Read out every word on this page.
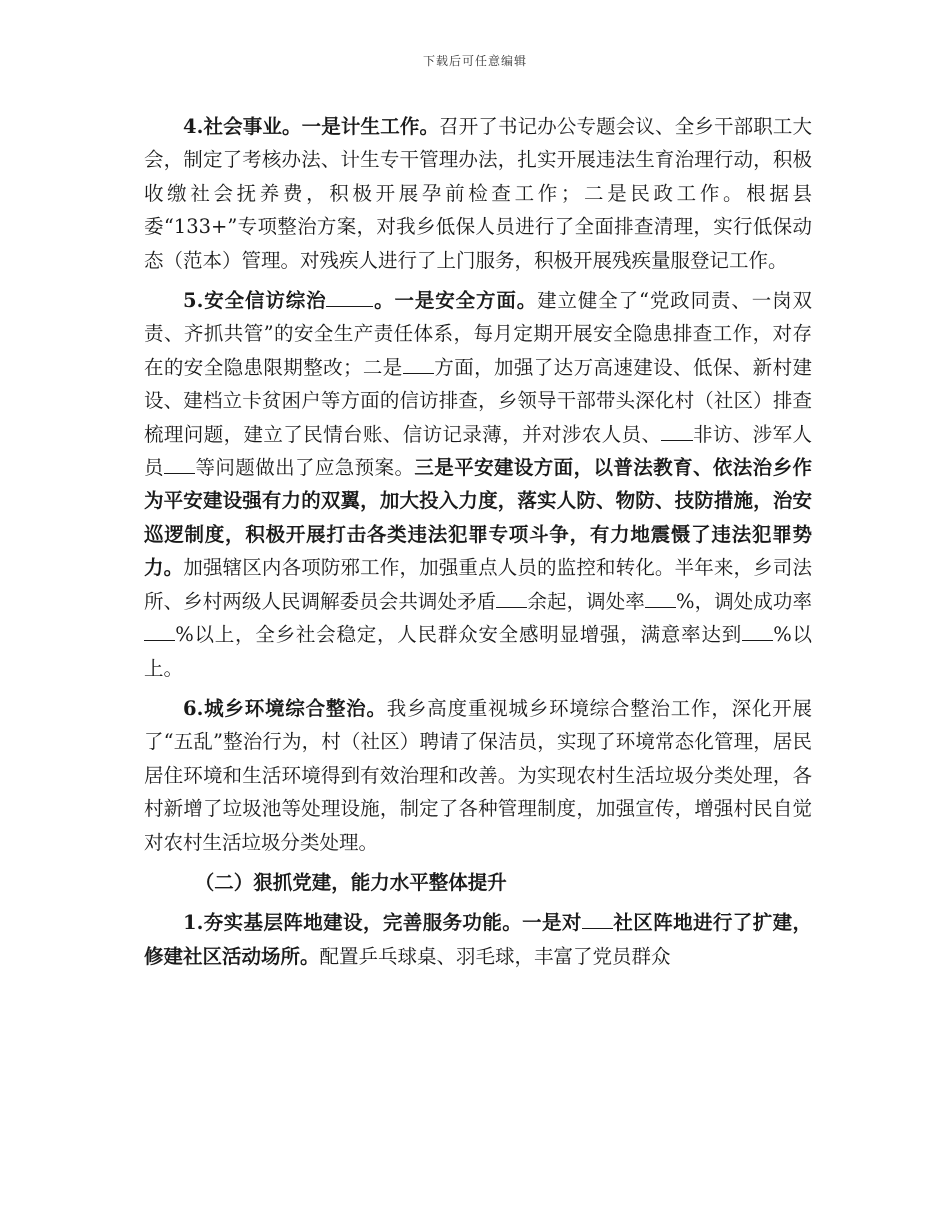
下载后可任意编辑

4.社会事业。一是计生工作。召开了书记办公专题会议、全乡干部职工大会，制定了考核办法、计生专干管理办法，扎实开展违法生育治理行动，积极收缴社会抚养费，积极开展孕前检查工作；二是民政工作。根据县委“133+”专项整治方案，对我乡低保人员进行了全面排查清理，实行低保动态（范本）管理。对残疾人进行了上门服务，积极开展残疾量服登记工作。

5.安全信访综治 。一是安全方面。建立健全了“党政同责、一岗双责、齐抓共管”的安全生产责任体系，每月定期开展安全隐患排查工作，对存在的安全隐患限期整改；二是 方面，加强了达万高速建设、低保、新村建设、建档立卡贫困户等方面的信访排查，乡领导干部带头深化村（社区）排查梳理问题，建立了民情台账、信访记录薄，并对涉农人员、 非访、涉军人员 等问题做出了应急预案。三是平安建设方面，以普法教育、依法治乡作为平安建设强有力的双翼，加大投入力度，落实人防、物防、技防措施，治安巡逻制度，积极开展打击各类违法犯罪专项斗争，有力地震慑了违法犯罪势力。加强辖区内各项防邪工作，加强重点人员的监控和转化。半年来，乡司法所、乡村两级人民调解委员会共调处矛盾 余起，调处率 %，调处成功率%以上，全乡社会稳定，人民群众安全感明显增强，满意率达到 %以上。

6.城乡环境综合整治。我乡高度重视城乡环境综合整治工作，深化开展了“五乱”整治行为，村（社区）聘请了保洁员，实现了环境常态化管理，居民居住环境和生活环境得到有效治理和改善。为实现农村生活垃圾分类处理，各村新增了垃圾池等处理设施，制定了各种管理制度，加强宣传，增强村民自觉对农村生活垃圾分类处理。

（二）狠抓党建，能力水平整体提升

1.夯实基层阵地建设，完善服务功能。一是对 社区阵地进行了扩建，修建社区活动场所。配置乒乓球桌、羽毛球，丰富了党员群众
